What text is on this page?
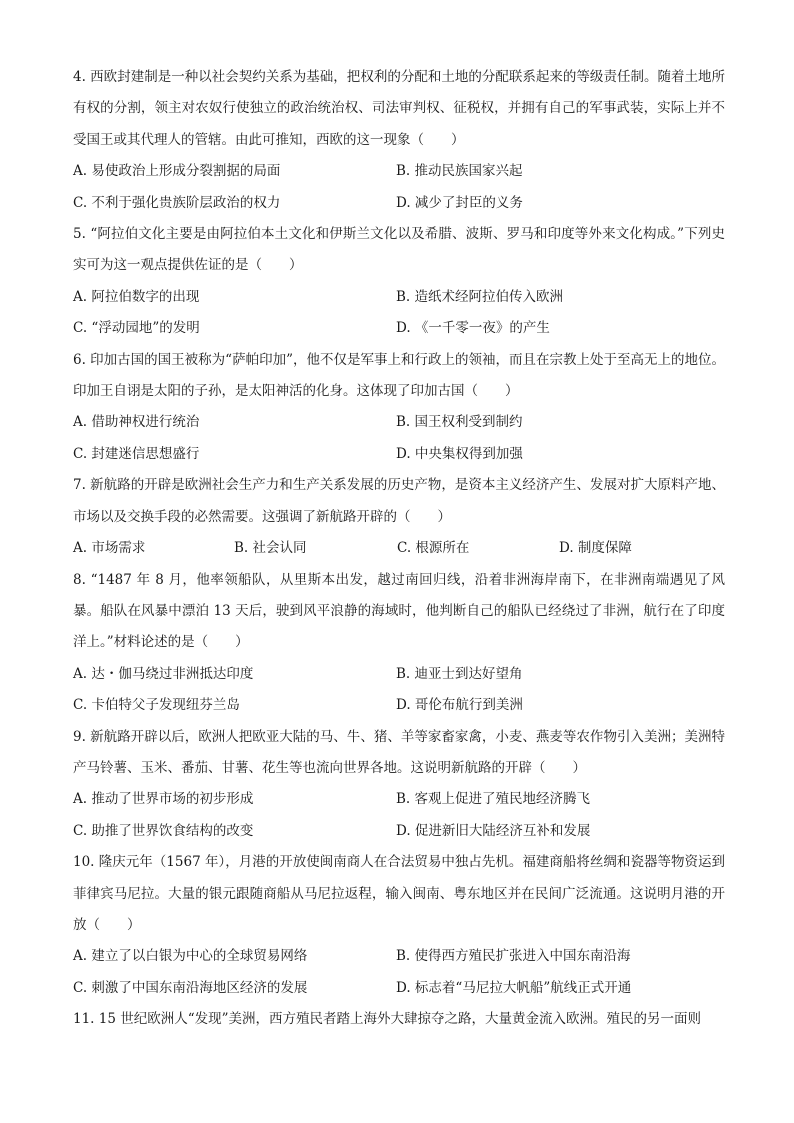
4. 西欧封建制是一种以社会契约关系为基础，把权利的分配和土地的分配联系起来的等级责任制。随着土地所有权的分割，领主对农奴行使独立的政治统治权、司法审判权、征税权，并拥有自己的军事武装，实际上并不受国王或其代理人的管辖。由此可推知，西欧的这一现象（　　）

A. 易使政治上形成分裂割据的局面	B. 推动民族国家兴起
C. 不利于强化贵族阶层政治的权力	D. 减少了封臣的义务

5. “阿拉伯文化主要是由阿拉伯本土文化和伊斯兰文化以及希腊、波斯、罗马和印度等外来文化构成。”下列史实可为这一观点提供佐证的是（　　）

A. 阿拉伯数字的出现	B. 造纸术经阿拉伯传入欧洲
C. “浮动园地”的发明	D. 《一千零一夜》的产生

6. 印加古国的国王被称为“萨帕印加”，他不仅是军事上和行政上的领袖，而且在宗教上处于至高无上的地位。印加王自诩是太阳的子孙，是太阳神活的化身。这体现了印加古国（　　）

A. 借助神权进行统治	B. 国王权利受到制约
C. 封建迷信思想盛行	D. 中央集权得到加强

7. 新航路的开辟是欧洲社会生产力和生产关系发展的历史产物，是资本主义经济产生、发展对扩大原料产地、市场以及交换手段的必然需要。这强调了新航路开辟的（　　）

A. 市场需求	B. 社会认同	C. 根源所在	D. 制度保障

8. “1487 年 8 月，他率领船队，从里斯本出发，越过南回归线，沿着非洲海岸南下，在非洲南端遇见了风暴。船队在风暴中漂泊 13 天后，驶到风平浪静的海域时，他判断自己的船队已经绕过了非洲，航行在了印度洋上。”材料论述的是（　　）

A. 达・伽马绕过非洲抵达印度	B. 迪亚士到达好望角
C. 卡伯特父子发现纽芬兰岛	D. 哥伦布航行到美洲

9. 新航路开辟以后，欧洲人把欧亚大陆的马、牛、猪、羊等家畜家禽，小麦、燕麦等农作物引入美洲；美洲特产马铃薯、玉米、番茄、甘薯、花生等也流向世界各地。这说明新航路的开辟（　　）

A. 推动了世界市场的初步形成	B. 客观上促进了殖民地经济腾飞
C. 助推了世界饮食结构的改变	D. 促进新旧大陆经济互补和发展

10. 隆庆元年（1567 年），月港的开放使闽南商人在合法贸易中独占先机。福建商船将丝绸和瓷器等物资运到菲律宾马尼拉。大量的银元跟随商船从马尼拉返程，输入闽南、粤东地区并在民间广泛流通。这说明月港的开放（　　）

A. 建立了以白银为中心的全球贸易网络	B. 使得西方殖民扩张进入中国东南沿海
C. 刺激了中国东南沿海地区经济的发展	D. 标志着“马尼拉大帆船”航线正式开通

11. 15 世纪欧洲人“发现”美洲，西方殖民者踏上海外大肆掠夺之路，大量黄金流入欧洲。殖民的另一面则
